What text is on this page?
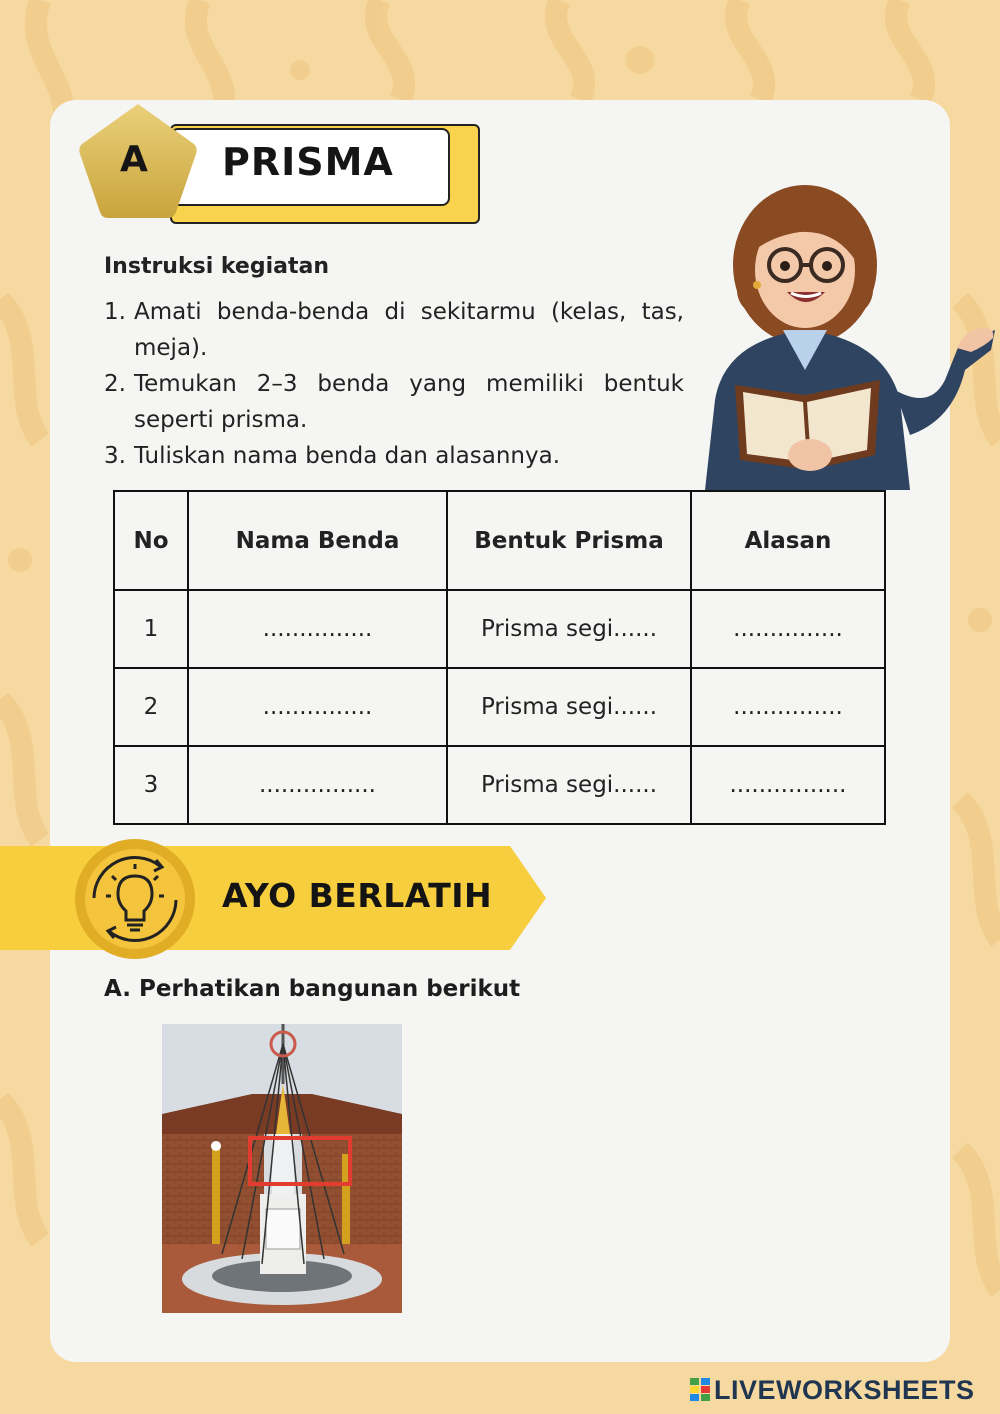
A PRISMA
Instruksi kegiatan
1. Amati benda-benda di sekitarmu (kelas, tas, meja).
2. Temukan 2–3 benda yang memiliki bentuk seperti prisma.
3. Tuliskan nama benda dan alasannya.
No	Nama Benda	Bentuk Prisma	Alasan
1	...............	Prisma segi......	...............
2	...............	Prisma segi......	...............
3	................	Prisma segi......	................
AYO BERLATIH
A. Perhatikan bangunan berikut
LIVEWORKSHEETS
